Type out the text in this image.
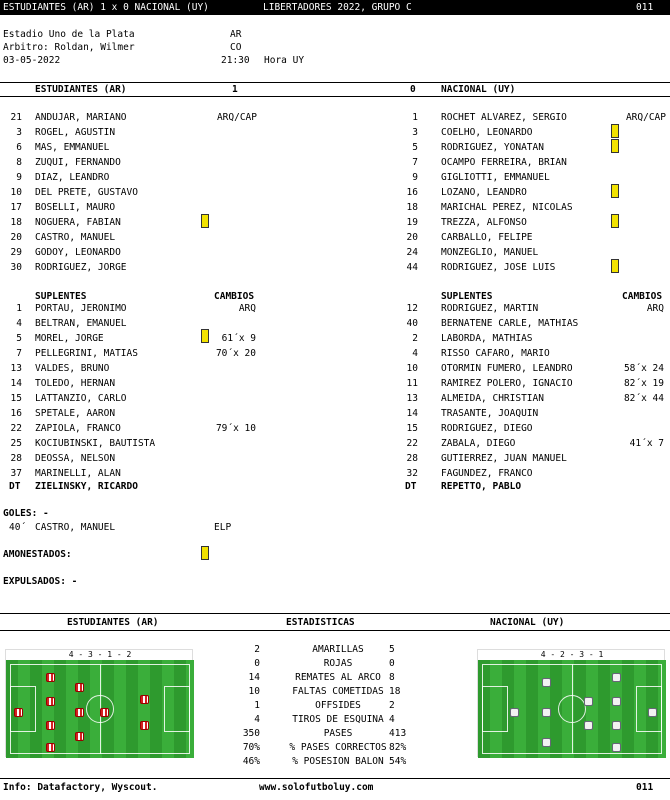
ESTUDIANTES (AR) 1 x 0 NACIONAL (UY)	LIBERTADORES 2022, GRUPO C	011
Estadio Uno de la Plata	AR
Arbitro: Roldan, Wilmer	CO
03-05-2022	21:30 Hora UY
ESTUDIANTES (AR)	1	0	NACIONAL (UY)
21 ANDUJAR, MARIANO	ARQ/CAP
3 ROGEL, AGUSTIN
6 MAS, EMMANUEL
8 ZUQUI, FERNANDO
9 DIAZ, LEANDRO
10 DEL PRETE, GUSTAVO
17 BOSELLI, MAURO
18 NOGUERA, FABIAN
20 CASTRO, MANUEL
29 GODOY, LEONARDO
30 RODRIGUEZ, JORGE
1 ROCHET ALVAREZ, SERGIO	ARQ/CAP
3 COELHO, LEONARDO
5 RODRIGUEZ, YONATAN
7 OCAMPO FERREIRA, BRIAN
9 GIGLIOTTI, EMMANUEL
16 LOZANO, LEANDRO
18 MARICHAL PEREZ, NICOLAS
19 TREZZA, ALFONSO
20 CARBALLO, FELIPE
24 MONZEGLIO, MANUEL
44 RODRIGUEZ, JOSE LUIS
SUPLENTES	CAMBIOS	SUPLENTES	CAMBIOS
1 PORTAU, JERONIMO	ARQ
4 BELTRAN, EMANUEL
5 MOREL, JORGE	61´x 9
7 PELLEGRINI, MATIAS	70´x 20
13 VALDES, BRUNO
14 TOLEDO, HERNAN
15 LATTANZIO, CARLO
16 SPETALE, AARON
22 ZAPIOLA, FRANCO	79´x 10
25 KOCIUBINSKI, BAUTISTA
28 DEOSSA, NELSON
37 MARINELLI, ALAN
12 RODRIGUEZ, MARTIN	ARQ
40 BERNATENE CARLE, MATHIAS
2 LABORDA, MATHIAS
4 RISSO CAFARO, MARIO
10 OTORMIN FUMERO, LEANDRO	58´x 24
11 RAMIREZ POLERO, IGNACIO	82´x 19
13 ALMEIDA, CHRISTIAN	82´x 44
14 TRASANTE, JOAQUIN
15 RODRIGUEZ, DIEGO
22 ZABALA, DIEGO	41´x 7
28 GUTIERREZ, JUAN MANUEL
32 FAGUNDEZ, FRANCO
DT ZIELINSKY, RICARDO	DT	REPETTO, PABLO
GOLES: -
40´ CASTRO, MANUEL	ELP
AMONESTADOS:
EXPULSADOS: -
ESTUDIANTES (AR)	ESTADISTICAS	NACIONAL (UY)
2	AMARILLAS	5
0	ROJAS	0
14	REMATES AL ARCO 8
10	FALTAS COMETIDAS 18
1	OFFSIDES	2
4	TIROS DE ESQUINA 4
350	PASES	413
70%	% PASES CORRECTOS 82%
46%	% POSESION BALON 54%
4 - 3 - 1 - 2	4 - 2 - 3 - 1
Info: Datafactory, Wyscout.	www.solofutboluy.com	011
